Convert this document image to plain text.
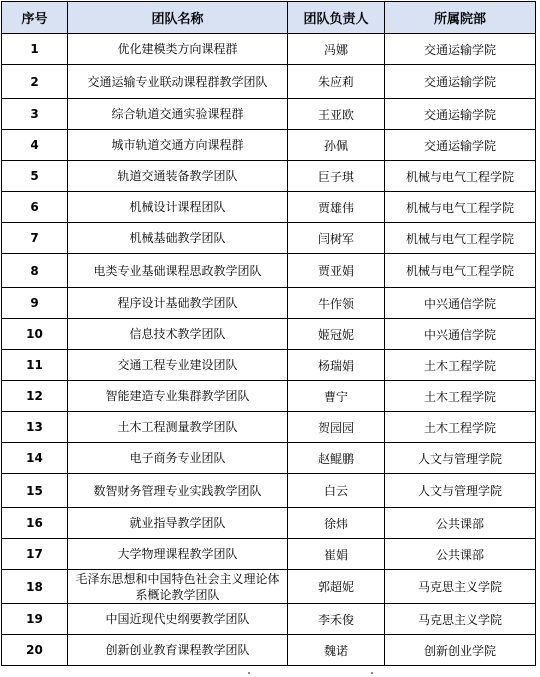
序号	团队名称	团队负责人	所属院部
1	优化建模类方向课程群	冯娜	交通运输学院
2	交通运输专业联动课程群教学团队	朱应莉	交通运输学院
3	综合轨道交通实验课程群	王亚欧	交通运输学院
4	城市轨道交通方向课程群	孙佩	交通运输学院
5	轨道交通装备教学团队	巨子琪	机械与电气工程学院
6	机械设计课程团队	贾雄伟	机械与电气工程学院
7	机械基础教学团队	闫树军	机械与电气工程学院
8	电类专业基础课程思政教学团队	贾亚娟	机械与电气工程学院
9	程序设计基础教学团队	牛作领	中兴通信学院
10	信息技术教学团队	姬冠妮	中兴通信学院
11	交通工程专业建设团队	杨瑞娟	土木工程学院
12	智能建造专业集群教学团队	曹宁	土木工程学院
13	土木工程测量教学团队	贺园园	土木工程学院
14	电子商务专业团队	赵鲲鹏	人文与管理学院
15	数智财务管理专业实践教学团队	白云	人文与管理学院
16	就业指导教学团队	徐炜	公共课部
17	大学物理课程教学团队	崔娟	公共课部
18	毛泽东思想和中国特色社会主义理论体系概论教学团队	郭超妮	马克思主义学院
19	中国近现代史纲要教学团队	李禾俊	马克思主义学院
20	创新创业教育课程教学团队	魏诺	创新创业学院
